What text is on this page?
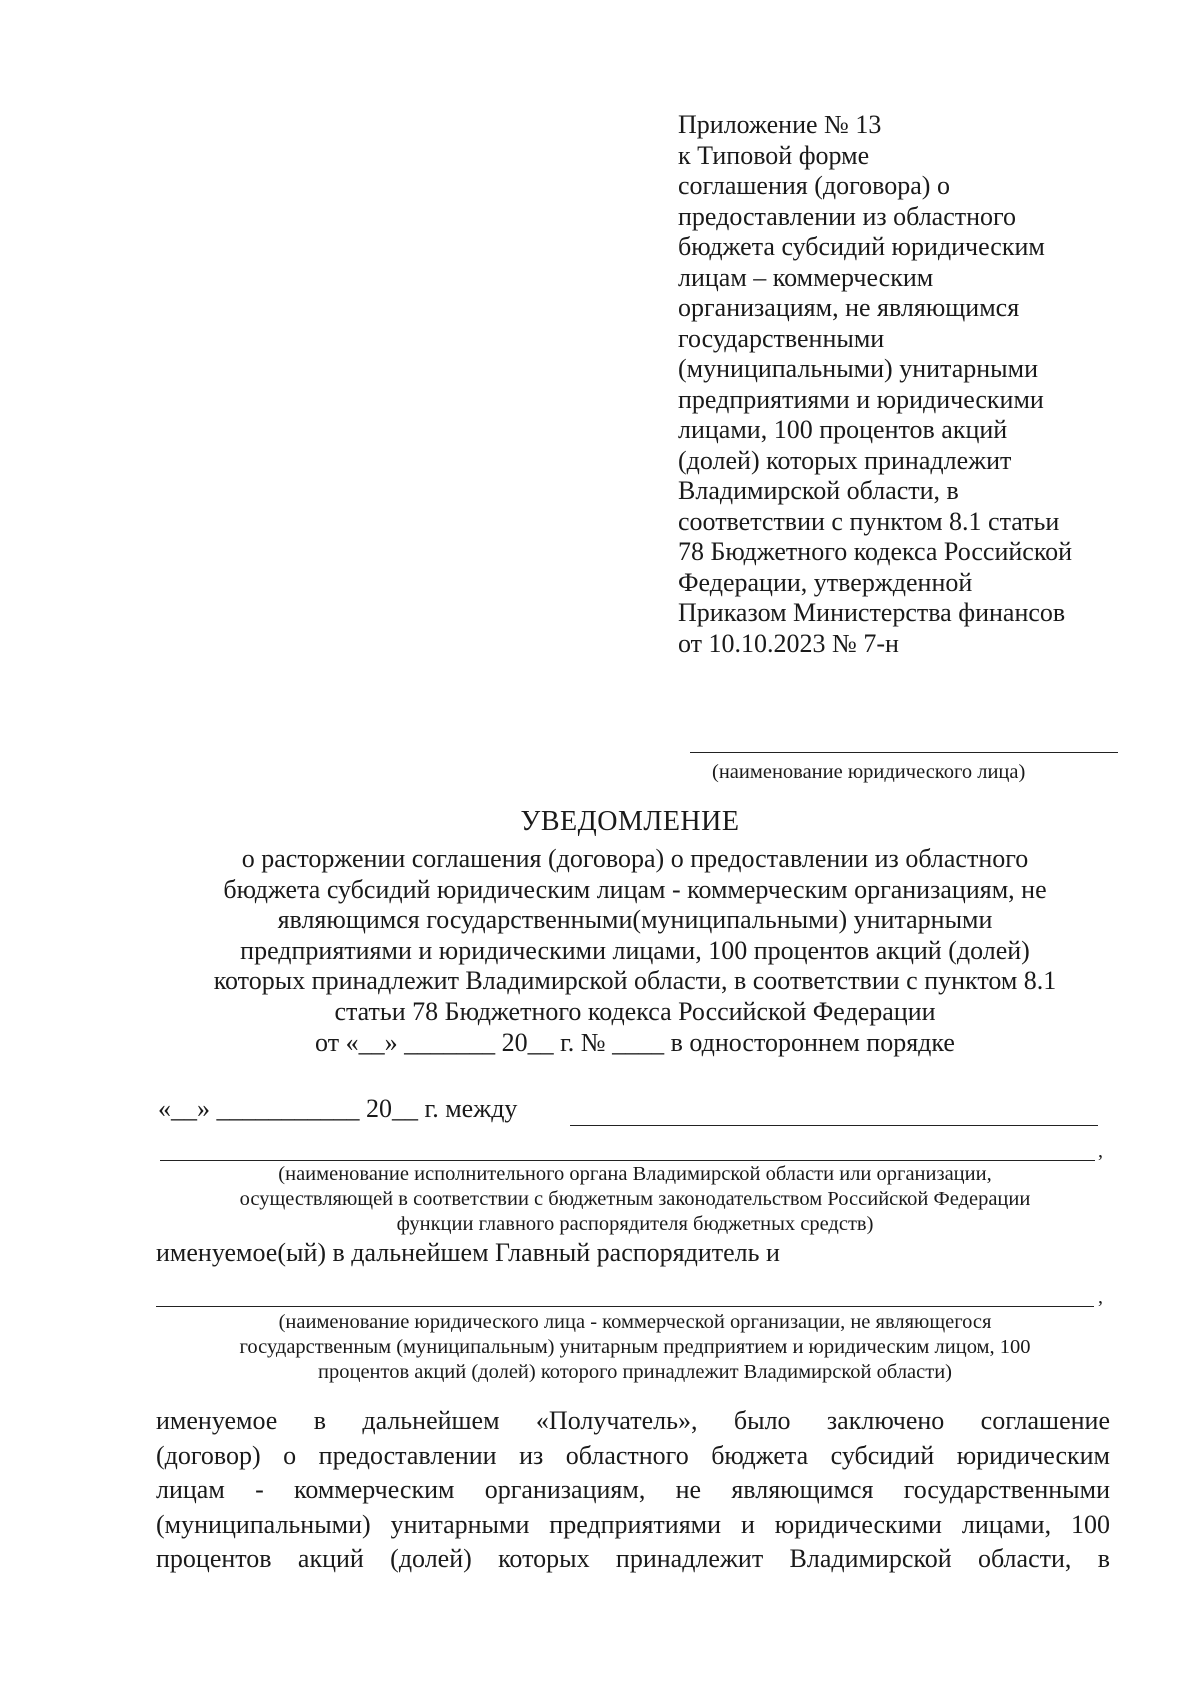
Приложение № 13
к Типовой форме
соглашения (договора) о
предоставлении из областного
бюджета субсидий юридическим
лицам – коммерческим
организациям, не являющимся
государственными
(муниципальными) унитарными
предприятиями и юридическими
лицами, 100 процентов акций
(долей) которых принадлежит
Владимирской области, в
соответствии с пунктом 8.1 статьи
78 Бюджетного кодекса Российской
Федерации, утвержденной
Приказом Министерства финансов
от 10.10.2023 № 7-н
(наименование юридического лица)
УВЕДОМЛЕНИЕ
о расторжении соглашения (договора) о предоставлении из областного
бюджета субсидий юридическим лицам - коммерческим организациям, не
являющимся государственными(муниципальными) унитарными
предприятиями и юридическими лицами, 100 процентов акций (долей)
которых принадлежит Владимирской области, в соответствии с пунктом 8.1
статьи 78 Бюджетного кодекса Российской Федерации
от «__» _______ 20__ г. № ____ в одностороннем порядке
«__» ___________ 20__ г. между
,
(наименование исполнительного органа Владимирской области или организации,
осуществляющей в соответствии с бюджетным законодательством Российской Федерации
функции главного распорядителя бюджетных средств)
именуемое(ый) в дальнейшем Главный распорядитель и
,
(наименование юридического лица - коммерческой организации, не являющегося
государственным (муниципальным) унитарным предприятием и юридическим лицом, 100
процентов акций (долей) которого принадлежит Владимирской области)
именуемое в дальнейшем «Получатель», было заключено соглашение
(договор) о предоставлении из областного бюджета субсидий юридическим
лицам - коммерческим организациям, не являющимся государственными
(муниципальными) унитарными предприятиями и юридическими лицами, 100
процентов акций (долей) которых принадлежит Владимирской области, в
